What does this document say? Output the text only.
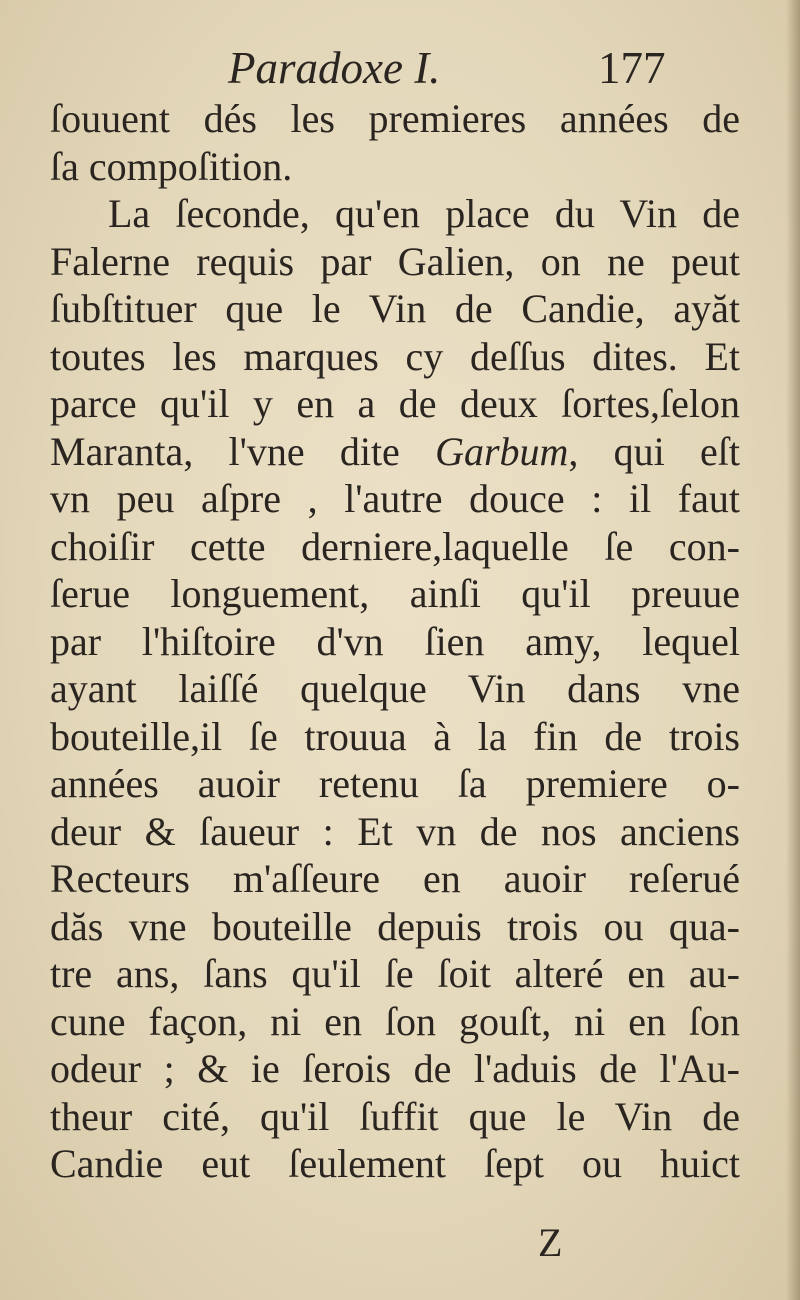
Paradoxe I.	177
ſouuent dés les premieres années de
ſa compoſition.
La ſeconde, qu'en place du Vin de
Falerne requis par Galien, on ne peut
ſubſtituer que le Vin de Candie, ayăt
toutes les marques cy deſſus dites. Et
parce qu'il y en a de deux ſortes,ſelon
Maranta, l'vne dite Garbum, qui eſt
vn peu aſpre , l'autre douce : il faut
choiſir cette derniere,laquelle ſe con-
ſerue longuement, ainſi qu'il preuue
par l'hiſtoire d'vn ſien amy, lequel
ayant laiſſé quelque Vin dans vne
bouteille,il ſe trouua à la fin de trois
années auoir retenu ſa premiere o-
deur & ſaueur : Et vn de nos anciens
Recteurs m'aſſeure en auoir reſerué
dăs vne bouteille depuis trois ou qua-
tre ans, ſans qu'il ſe ſoit alteré en au-
cune façon, ni en ſon gouſt, ni en ſon
odeur ; & ie ſerois de l'aduis de l'Au-
theur cité, qu'il ſuffit que le Vin de
Candie eut ſeulement ſept ou huict
Z
